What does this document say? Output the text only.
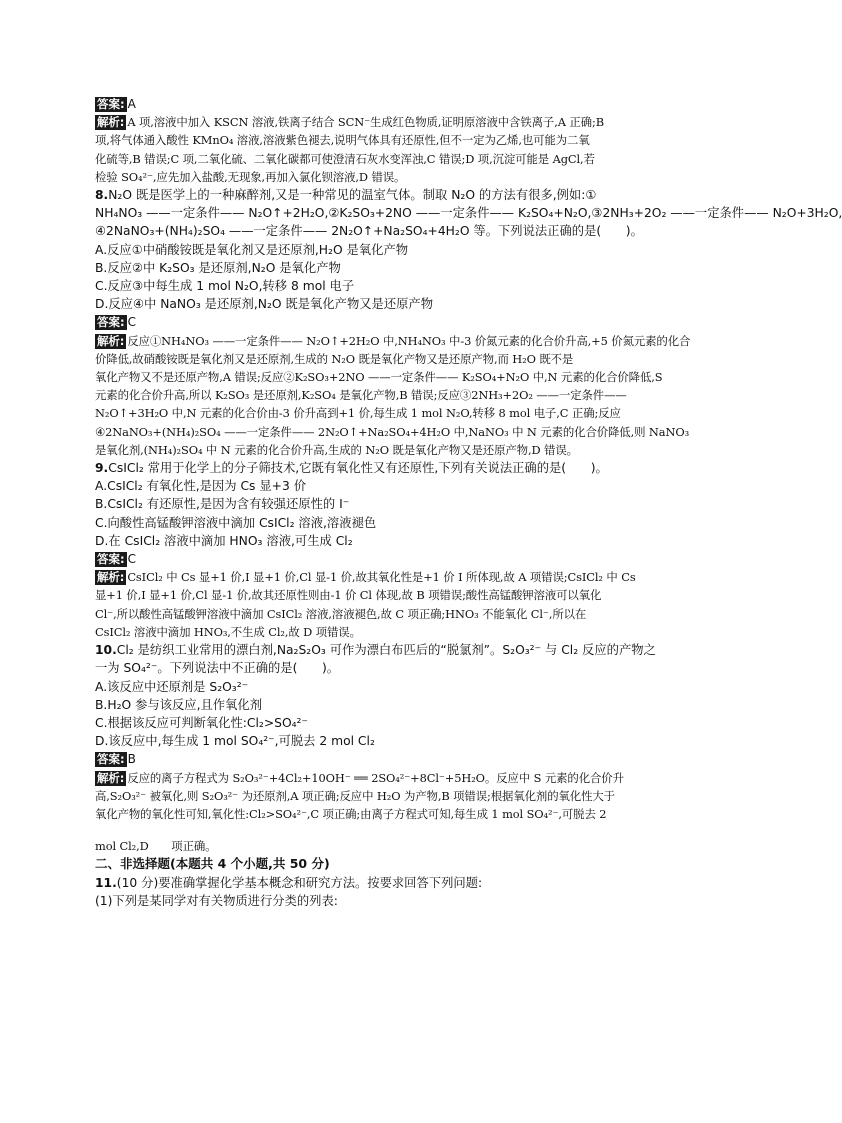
答案: A
解析: A 项,溶液中加入 KSCN 溶液,铁离子结合 SCN⁻生成红色物质,证明原溶液中含铁离子,A 正确;B
项,将气体通入酸性 KMnO₄ 溶液,溶液紫色褪去,说明气体具有还原性,但不一定为乙烯,也可能为二氧
化硫等,B 错误;C 项,二氧化硫、二氧化碳都可使澄清石灰水变浑浊,C 错误;D 项,沉淀可能是 AgCl,若
检验 SO₄²⁻,应先加入盐酸,无现象,再加入氯化钡溶液,D 错误。
8.N₂O 既是医学上的一种麻醉剂,又是一种常见的温室气体。制取 N₂O 的方法有很多,例如:①
NH₄NO₃ ——一定条件—— N₂O↑+2H₂O,②K₂SO₃+2NO ——一定条件—— K₂SO₄+N₂O,③2NH₃+2O₂ ——一定条件—— N₂O+3H₂O,
④2NaNO₃+(NH₄)₂SO₄ ——一定条件—— 2N₂O↑+Na₂SO₄+4H₂O 等。下列说法正确的是(　　)。
A.反应①中硝酸铵既是氧化剂又是还原剂,H₂O 是氧化产物
B.反应②中 K₂SO₃ 是还原剂,N₂O 是氧化产物
C.反应③中每生成 1 mol N₂O,转移 8 mol 电子
D.反应④中 NaNO₃ 是还原剂,N₂O 既是氧化产物又是还原产物
答案: C
解析: 反应①NH₄NO₃ ——一定条件—— N₂O↑+2H₂O 中,NH₄NO₃ 中-3 价氮元素的化合价升高,+5 价氮元素的化合
价降低,故硝酸铵既是氧化剂又是还原剂,生成的 N₂O 既是氧化产物又是还原产物,而 H₂O 既不是
氧化产物又不是还原产物,A 错误;反应②K₂SO₃+2NO ——一定条件—— K₂SO₄+N₂O 中,N 元素的化合价降低,S
元素的化合价升高,所以 K₂SO₃ 是还原剂,K₂SO₄ 是氧化产物,B 错误;反应③2NH₃+2O₂ ——一定条件——
N₂O↑+3H₂O 中,N 元素的化合价由-3 价升高到+1 价,每生成 1 mol N₂O,转移 8 mol 电子,C 正确;反应
④2NaNO₃+(NH₄)₂SO₄ ——一定条件—— 2N₂O↑+Na₂SO₄+4H₂O 中,NaNO₃ 中 N 元素的化合价降低,则 NaNO₃
是氧化剂,(NH₄)₂SO₄ 中 N 元素的化合价升高,生成的 N₂O 既是氧化产物又是还原产物,D 错误。
9.CsICl₂ 常用于化学上的分子筛技术,它既有氧化性又有还原性,下列有关说法正确的是(　　)。
A.CsICl₂ 有氧化性,是因为 Cs 显+3 价
B.CsICl₂ 有还原性,是因为含有较强还原性的 I⁻
C.向酸性高锰酸钾溶液中滴加 CsICl₂ 溶液,溶液褪色
D.在 CsICl₂ 溶液中滴加 HNO₃ 溶液,可生成 Cl₂
答案: C
解析: CsICl₂ 中 Cs 显+1 价,I 显+1 价,Cl 显-1 价,故其氧化性是+1 价 I 所体现,故 A 项错误;CsICl₂ 中 Cs
显+1 价,I 显+1 价,Cl 显-1 价,故其还原性则由-1 价 Cl 体现,故 B 项错误;酸性高锰酸钾溶液可以氧化
Cl⁻,所以酸性高锰酸钾溶液中滴加 CsICl₂ 溶液,溶液褪色,故 C 项正确;HNO₃ 不能氧化 Cl⁻,所以在
CsICl₂ 溶液中滴加 HNO₃,不生成 Cl₂,故 D 项错误。
10.Cl₂ 是纺织工业常用的漂白剂,Na₂S₂O₃ 可作为漂白布匹后的“脱氯剂”。S₂O₃²⁻ 与 Cl₂ 反应的产物之
一为 SO₄²⁻。下列说法中不正确的是(　　)。
A.该反应中还原剂是 S₂O₃²⁻
B.H₂O 参与该反应,且作氧化剂
C.根据该反应可判断氧化性:Cl₂>SO₄²⁻
D.该反应中,每生成 1 mol SO₄²⁻,可脱去 2 mol Cl₂
答案: B
解析: 反应的离子方程式为 S₂O₃²⁻+4Cl₂+10OH⁻ ══ 2SO₄²⁻+8Cl⁻+5H₂O。反应中 S 元素的化合价升
高,S₂O₃²⁻ 被氧化,则 S₂O₃²⁻ 为还原剂,A 项正确;反应中 H₂O 为产物,B 项错误;根据氧化剂的氧化性大于
氧化产物的氧化性可知,氧化性:Cl₂>SO₄²⁻,C 项正确;由离子方程式可知,每生成 1 mol SO₄²⁻,可脱去 2
mol Cl₂,D　　项正确。
二、非选择题(本题共 4 个小题,共 50 分)
11.(10 分)要准确掌握化学基本概念和研究方法。按要求回答下列问题:
(1)下列是某同学对有关物质进行分类的列表:
